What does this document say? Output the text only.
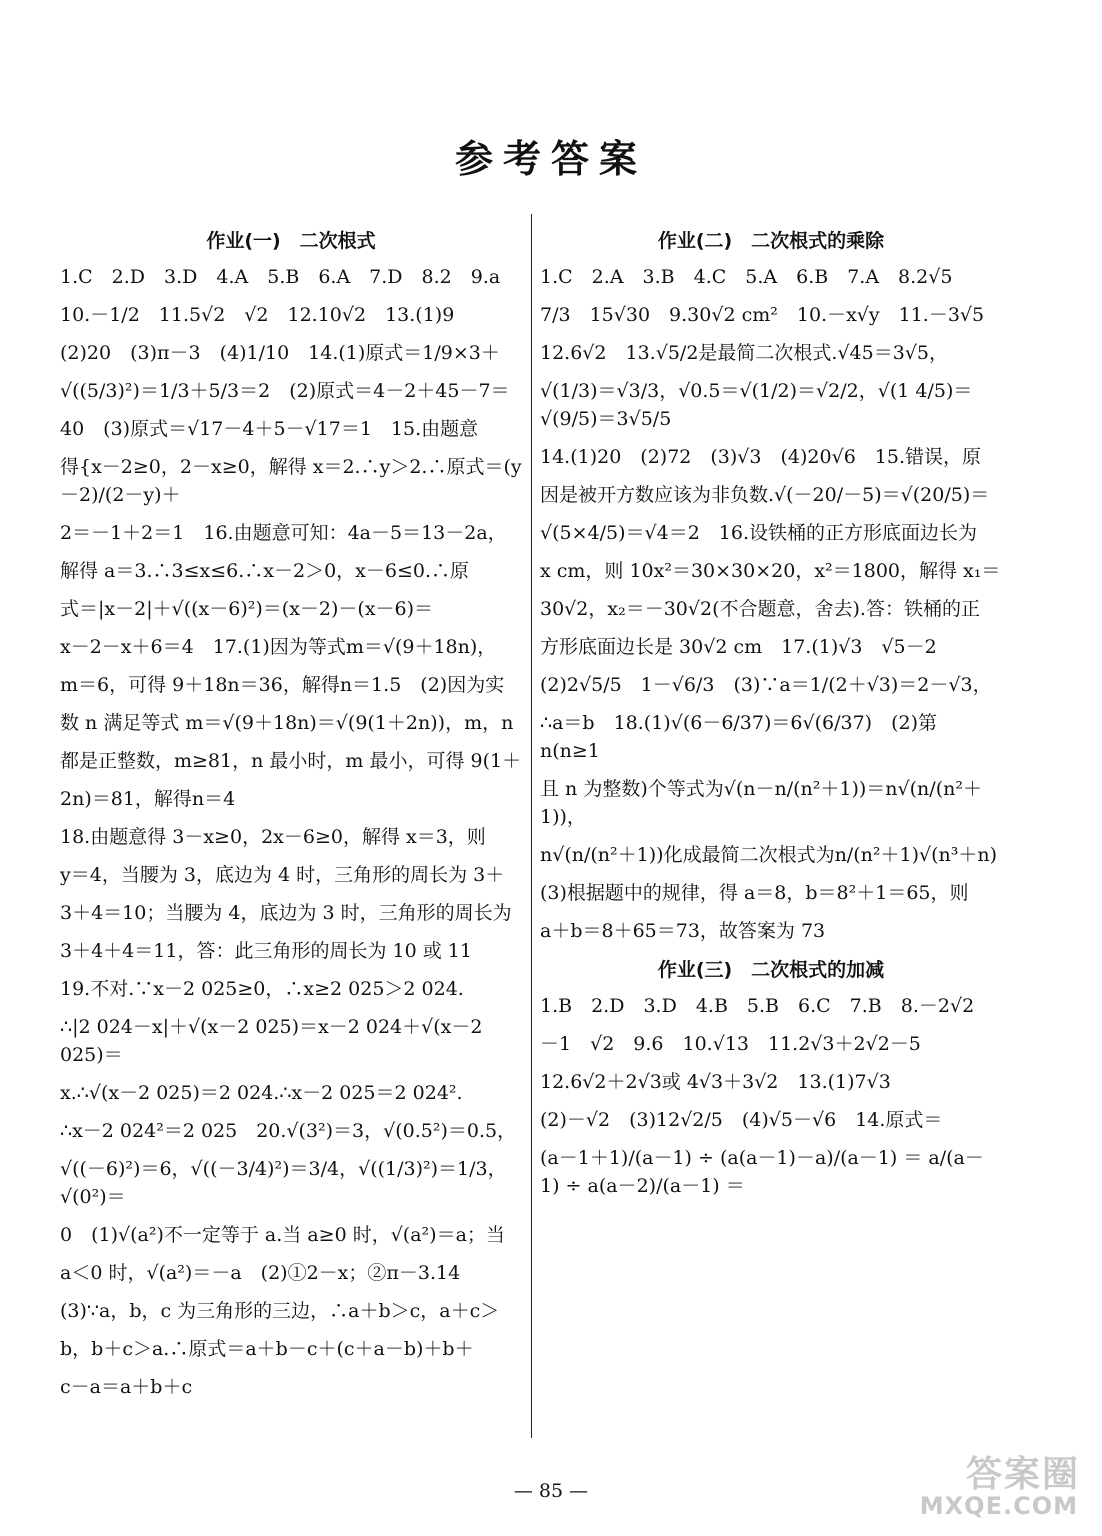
参考答案
作业(一)　二次根式
1.C　2.D　3.D　4.A　5.B　6.A　7.D　8.2　9.a
10.－1/2　11.5√2　√2　12.10√2　13.(1)9
(2)20　(3)π－3　(4)1/10　14.(1)原式＝1/9×3＋
√((5/3)²)＝1/3＋5/3＝2　(2)原式＝4－2＋45－7＝
40　(3)原式＝√17－4＋5－√17＝1　15.由题意
得{x－2≥0，2－x≥0，解得 x＝2.∴y＞2.∴原式＝(y－2)/(2－y)＋
2＝－1＋2＝1　16.由题意可知：4a－5＝13－2a，
解得 a＝3.∴3≤x≤6.∴x－2＞0，x－6≤0.∴原
式＝|x－2|＋√((x－6)²)＝(x－2)－(x－6)＝
x－2－x＋6＝4　17.(1)因为等式m＝√(9＋18n)，
m＝6，可得 9＋18n＝36，解得n＝1.5　(2)因为实
数 n 满足等式 m＝√(9＋18n)＝√(9(1＋2n))，m，n
都是正整数，m≥81，n 最小时，m 最小，可得 9(1＋
2n)＝81，解得n＝4
18.由题意得 3－x≥0，2x－6≥0，解得 x＝3，则
y＝4，当腰为 3，底边为 4 时，三角形的周长为 3＋
3＋4＝10；当腰为 4，底边为 3 时，三角形的周长为
3＋4＋4＝11，答：此三角形的周长为 10 或 11
19.不对.∵x－2 025≥0，∴x≥2 025＞2 024.
∴|2 024－x|＋√(x－2 025)＝x－2 024＋√(x－2 025)＝
x.∴√(x－2 025)＝2 024.∴x－2 025＝2 024².
∴x－2 024²＝2 025　20.√(3²)＝3，√(0.5²)＝0.5，
√((－6)²)＝6，√((－3/4)²)＝3/4，√((1/3)²)＝1/3，√(0²)＝
0　(1)√(a²)不一定等于 a.当 a≥0 时，√(a²)＝a；当
a＜0 时，√(a²)＝－a　(2)①2－x；②π－3.14
(3)∵a，b，c 为三角形的三边，∴a＋b＞c，a＋c＞
b，b＋c＞a.∴原式＝a＋b－c＋(c＋a－b)＋b＋
c－a＝a＋b＋c
作业(二)　二次根式的乘除
1.C　2.A　3.B　4.C　5.A　6.B　7.A　8.2√5
7/3　15√30　9.30√2 cm²　10.－x√y　11.－3√5
12.6√2　13.√5/2是最简二次根式.√45＝3√5，
√(1/3)＝√3/3，√0.5＝√(1/2)＝√2/2，√(1 4/5)＝√(9/5)＝3√5/5
14.(1)20　(2)72　(3)√3　(4)20√6　15.错误，原
因是被开方数应该为非负数.√(－20/－5)＝√(20/5)＝
√(5×4/5)＝√4＝2　16.设铁桶的正方形底面边长为
x cm，则 10x²＝30×30×20，x²＝1800，解得 x₁＝
30√2，x₂＝－30√2(不合题意，舍去).答：铁桶的正
方形底面边长是 30√2 cm　17.(1)√3　√5－2
(2)2√5/5　1－√6/3　(3)∵a＝1/(2＋√3)＝2－√3，
∴a＝b　18.(1)√(6－6/37)＝6√(6/37)　(2)第 n(n≥1
且 n 为整数)个等式为√(n－n/(n²＋1))＝n√(n/(n²＋1))，
n√(n/(n²＋1))化成最简二次根式为n/(n²＋1)√(n³＋n)
(3)根据题中的规律，得 a＝8，b＝8²＋1＝65，则
a＋b＝8＋65＝73，故答案为 73
作业(三)　二次根式的加减
1.B　2.D　3.D　4.B　5.B　6.C　7.B　8.－2√2
－1　√2　9.6　10.√13　11.2√3＋2√2－5
12.6√2＋2√3或 4√3＋3√2　13.(1)7√3
(2)－√2　(3)12√2/5　(4)√5－√6　14.原式＝
(a－1＋1)/(a－1) ÷ (a(a－1)－a)/(a－1) ＝ a/(a－1) ÷ a(a－2)/(a－1) ＝
— 85 —	答案圈
MXQE.COM
